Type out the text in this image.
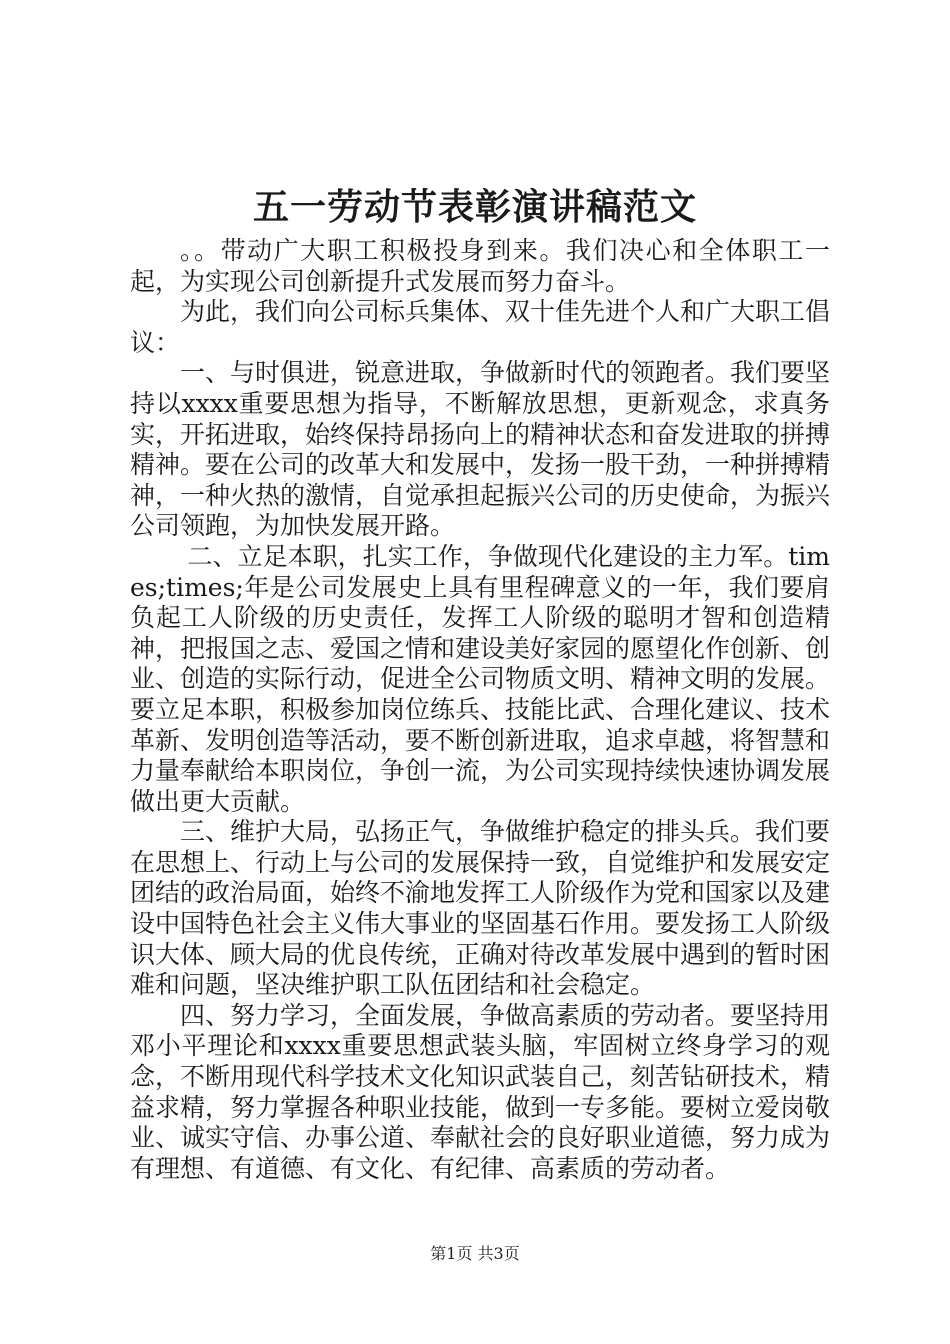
五一劳动节表彰演讲稿范文

。。带动广大职工积极投身到来。我们决心和全体职工一起，为实现公司创新提升式发展而努力奋斗。

为此，我们向公司标兵集体、双十佳先进个人和广大职工倡议：

一、与时俱进，锐意进取，争做新时代的领跑者。我们要坚持以xxxx重要思想为指导，不断解放思想，更新观念，求真务实，开拓进取，始终保持昂扬向上的精神状态和奋发进取的拼搏精神。要在公司的改革大和发展中，发扬一股干劲，一种拼搏精神，一种火热的激情，自觉承担起振兴公司的历史使命，为振兴公司领跑，为加快发展开路。

二、立足本职，扎实工作，争做现代化建设的主力军。times;times;年是公司发展史上具有里程碑意义的一年，我们要肩负起工人阶级的历史责任，发挥工人阶级的聪明才智和创造精神，把报国之志、爱国之情和建设美好家园的愿望化作创新、创业、创造的实际行动，促进全公司物质文明、精神文明的发展。要立足本职，积极参加岗位练兵、技能比武、合理化建议、技术革新、发明创造等活动，要不断创新进取，追求卓越，将智慧和力量奉献给本职岗位，争创一流，为公司实现持续快速协调发展做出更大贡献。

三、维护大局，弘扬正气，争做维护稳定的排头兵。我们要在思想上、行动上与公司的发展保持一致，自觉维护和发展安定团结的政治局面，始终不渝地发挥工人阶级作为党和国家以及建设中国特色社会主义伟大事业的坚固基石作用。要发扬工人阶级识大体、顾大局的优良传统，正确对待改革发展中遇到的暂时困难和问题，坚决维护职工队伍团结和社会稳定。

四、努力学习，全面发展，争做高素质的劳动者。要坚持用邓小平理论和xxxx重要思想武装头脑，牢固树立终身学习的观念，不断用现代科学技术文化知识武装自己，刻苦钻研技术，精益求精，努力掌握各种职业技能，做到一专多能。要树立爱岗敬业、诚实守信、办事公道、奉献社会的良好职业道德，努力成为有理想、有道德、有文化、有纪律、高素质的劳动者。

第1页 共3页
